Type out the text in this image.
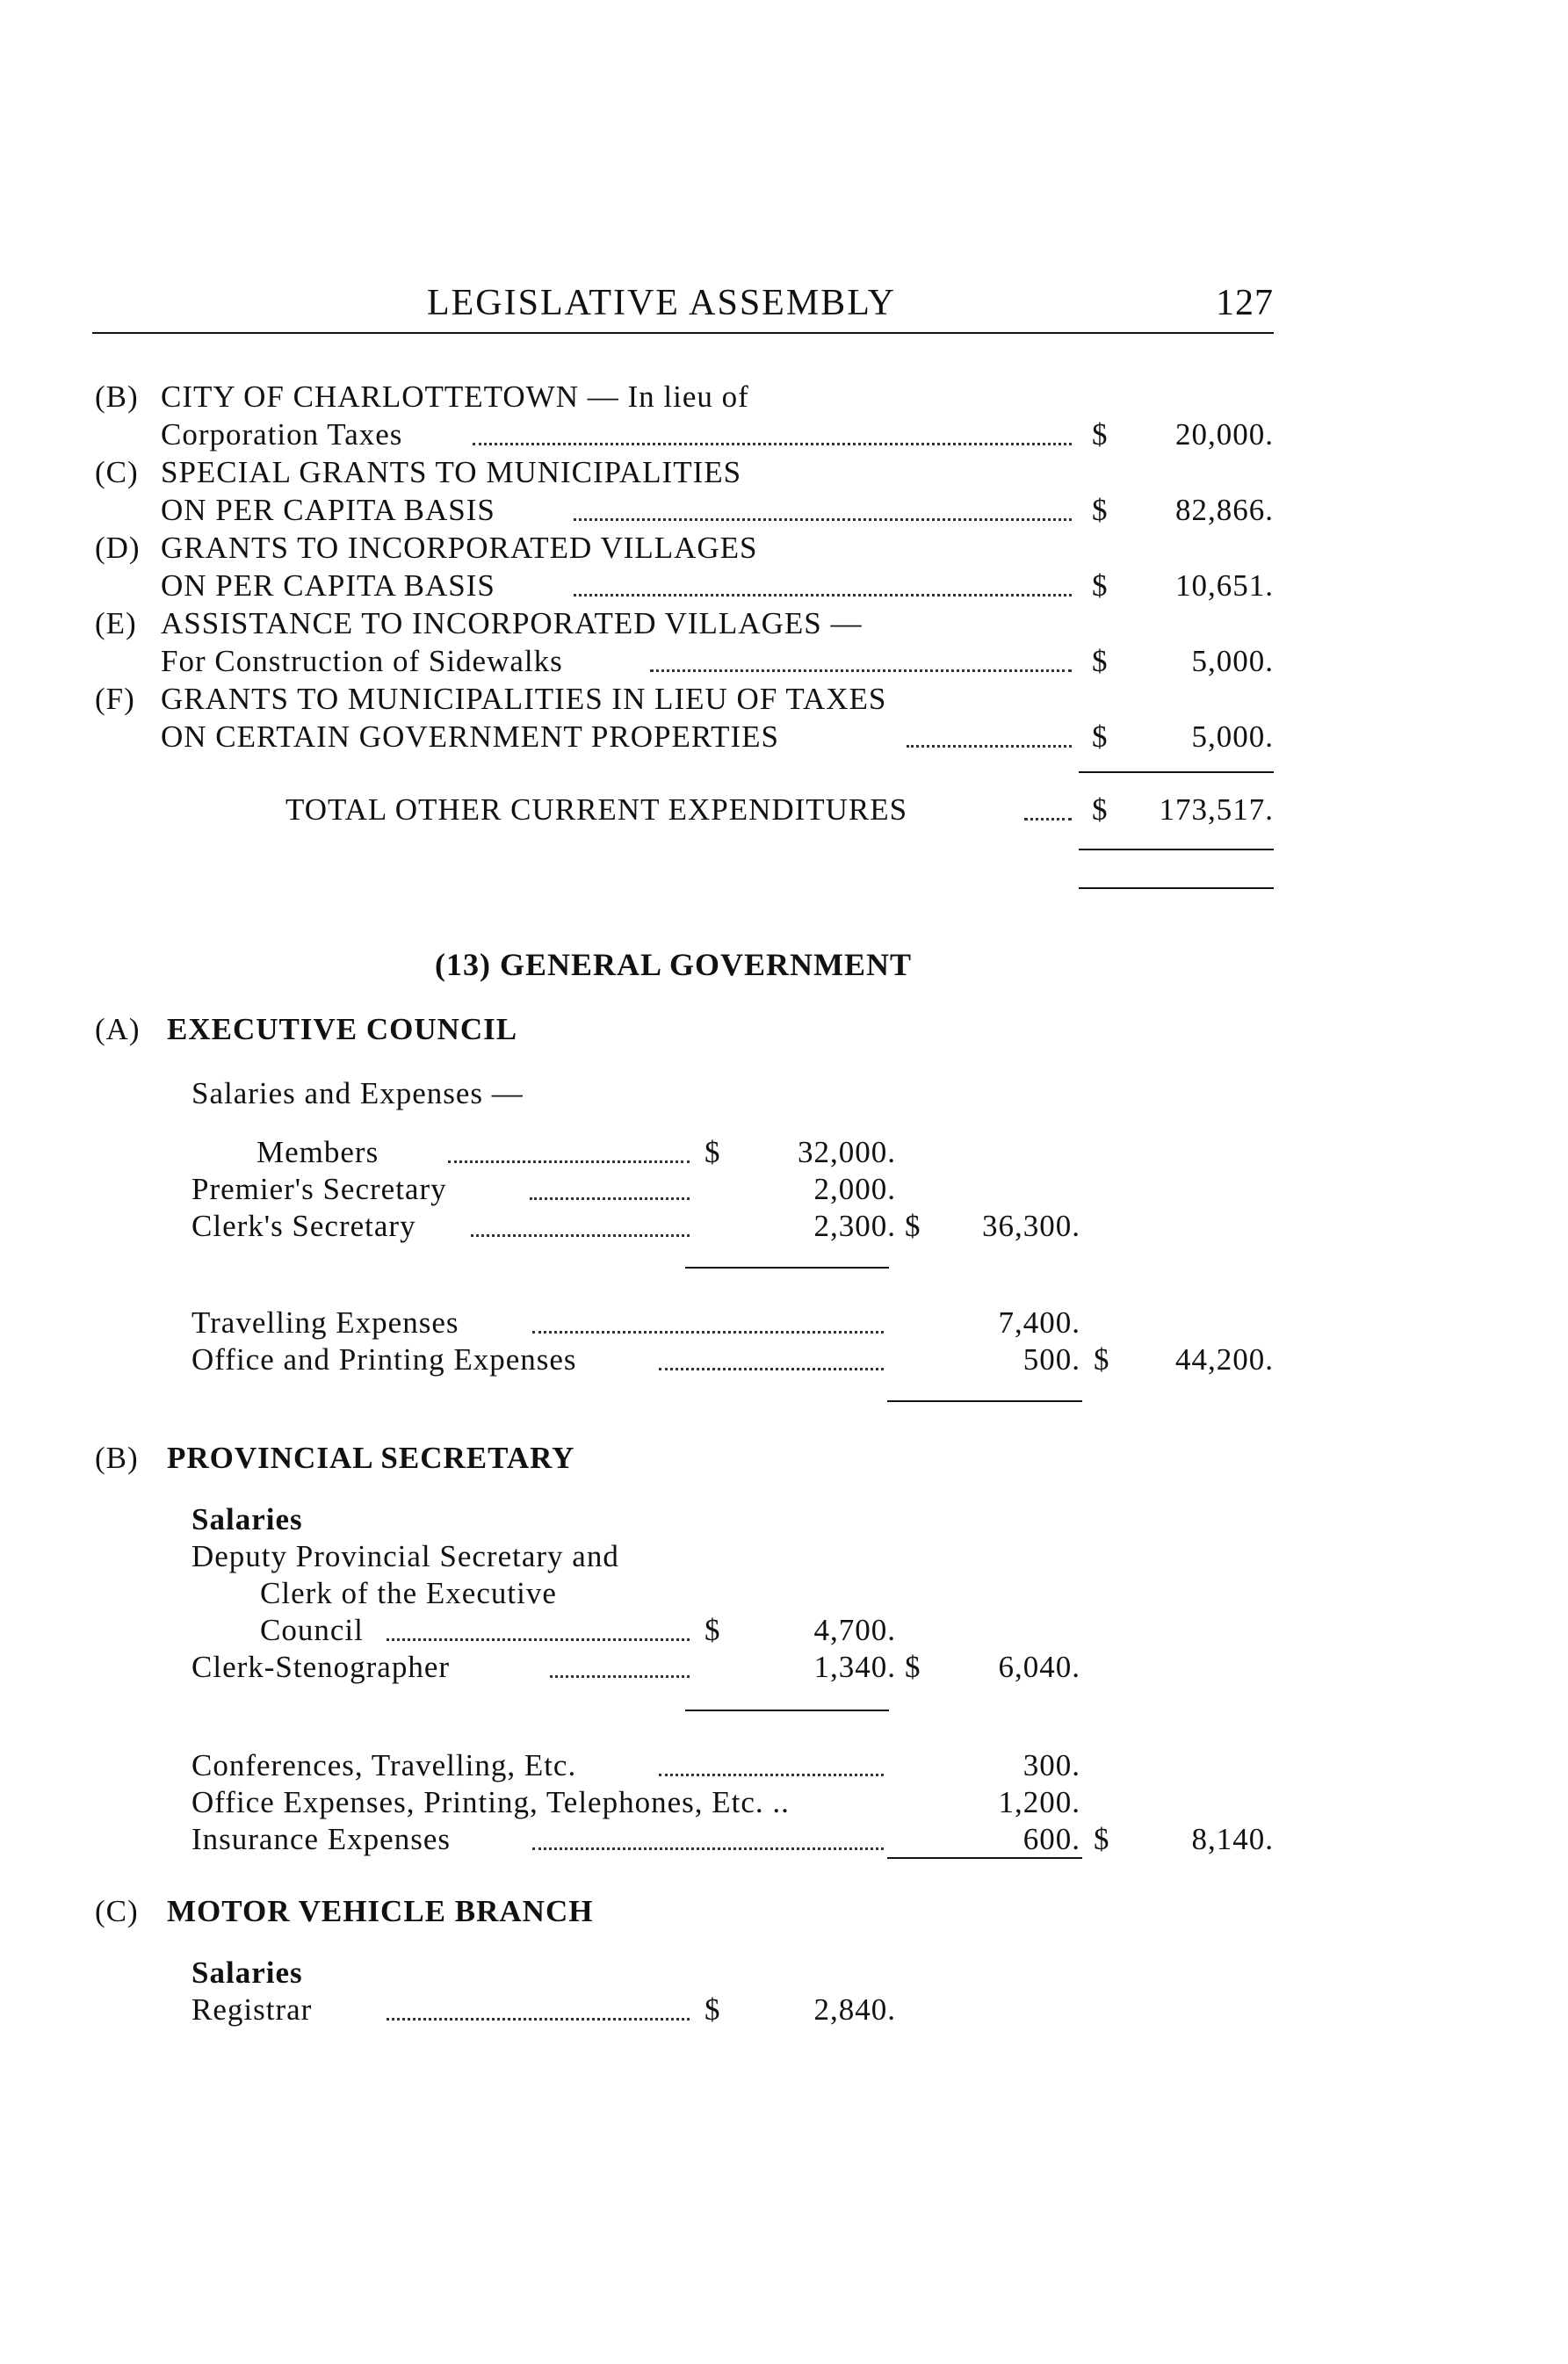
LEGISLATIVE ASSEMBLY	127
(B) CITY OF CHARLOTTETOWN — In lieu of
Corporation Taxes	$	20,000.
(C) SPECIAL GRANTS TO MUNICIPALITIES
ON PER CAPITA BASIS	$	82,866.
(D) GRANTS TO INCORPORATED VILLAGES
ON PER CAPITA BASIS	$	10,651.
(E) ASSISTANCE TO INCORPORATED VILLAGES —
For Construction of Sidewalks	$	5,000.
(F) GRANTS TO MUNICIPALITIES IN LIEU OF TAXES
ON CERTAIN GOVERNMENT PROPERTIES	$	5,000.
TOTAL OTHER CURRENT EXPENDITURES	$	173,517.
(13) GENERAL GOVERNMENT
(A) EXECUTIVE COUNCIL
Salaries and Expenses —
Members	$	32,000.
Premier's Secretary	2,000.
Clerk's Secretary	2,300. $	36,300.
Travelling Expenses	7,400.
Office and Printing Expenses	500. $	44,200.
(B) PROVINCIAL SECRETARY
Salaries
Deputy Provincial Secretary and
Clerk of the Executive
Council	$	4,700.
Clerk-Stenographer	1,340. $	6,040.
Conferences, Travelling, Etc.	300.
Office Expenses, Printing, Telephones, Etc. ..	1,200.
Insurance Expenses	600. $	8,140.
(C) MOTOR VEHICLE BRANCH
Salaries
Registrar	$	2,840.
